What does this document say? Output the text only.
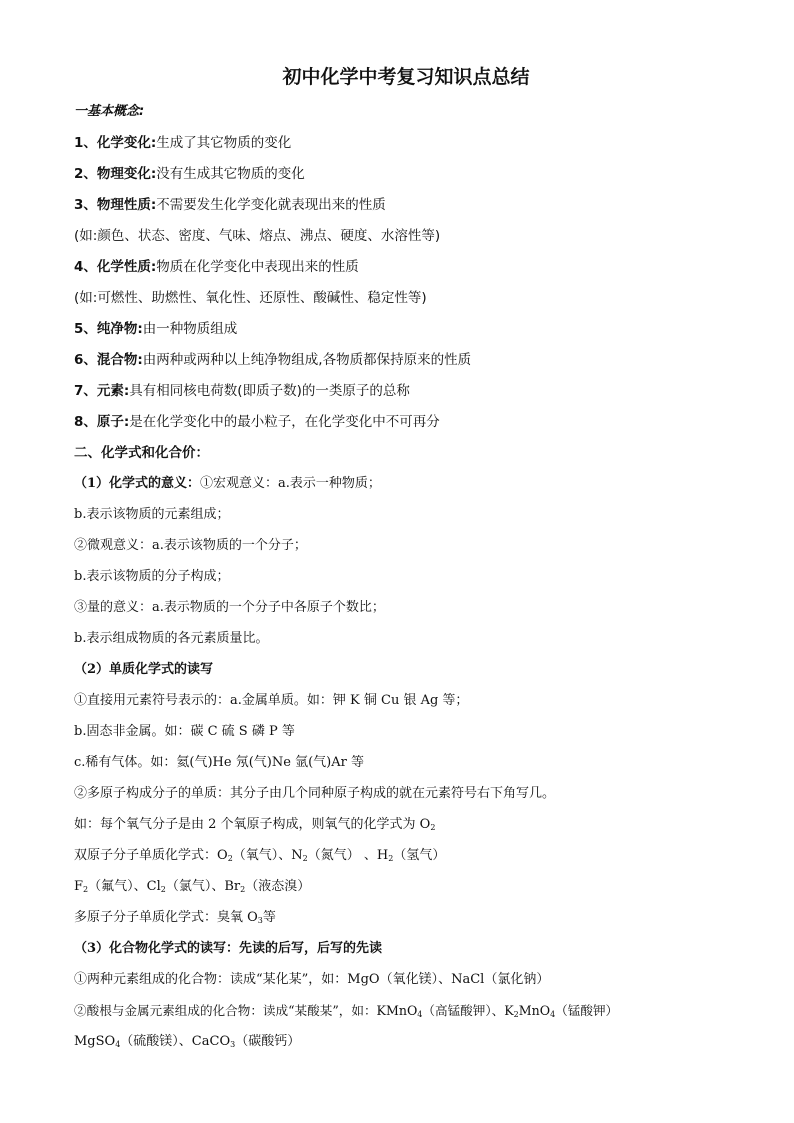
初中化学中考复习知识点总结
一基本概念:
1、化学变化:生成了其它物质的变化
2、物理变化:没有生成其它物质的变化
3、物理性质:不需要发生化学变化就表现出来的性质
(如:颜色、状态、密度、气味、熔点、沸点、硬度、水溶性等)
4、化学性质:物质在化学变化中表现出来的性质
(如:可燃性、助燃性、氧化性、还原性、酸碱性、稳定性等)
5、纯净物:由一种物质组成
6、混合物:由两种或两种以上纯净物组成,各物质都保持原来的性质
7、元素:具有相同核电荷数(即质子数)的一类原子的总称
8、原子:是在化学变化中的最小粒子，在化学变化中不可再分
二、化学式和化合价：
（1）化学式的意义：①宏观意义：a.表示一种物质；
b.表示该物质的元素组成；
②微观意义：a.表示该物质的一个分子；
b.表示该物质的分子构成；
③量的意义：a.表示物质的一个分子中各原子个数比；
b.表示组成物质的各元素质量比。
（2）单质化学式的读写
①直接用元素符号表示的：a.金属单质。如：钾 K 铜 Cu 银 Ag 等；
b.固态非金属。如：碳 C 硫 S 磷 P 等
c.稀有气体。如：氦(气)He 氖(气)Ne 氩(气)Ar 等
②多原子构成分子的单质：其分子由几个同种原子构成的就在元素符号右下角写几。
如：每个氧气分子是由 2 个氧原子构成，则氧气的化学式为 $O_2$
双原子分子单质化学式：$O_2$（氧气）、$N_2$（氮气） 、$H_2$（氢气）
$F_2$（氟气）、$Cl_2$（氯气）、$Br_2$（液态溴）
多原子分子单质化学式：臭氧 $O_3$等
（3）化合物化学式的读写：先读的后写，后写的先读
①两种元素组成的化合物：读成“某化某”，如：MgO（氧化镁）、NaCl（氯化钠）
②酸根与金属元素组成的化合物：读成“某酸某”，如：KMnO$_4$（高锰酸钾）、$K_2MnO_4$（锰酸钾）
MgSO$_4$（硫酸镁）、CaCO$_3$（碳酸钙）
